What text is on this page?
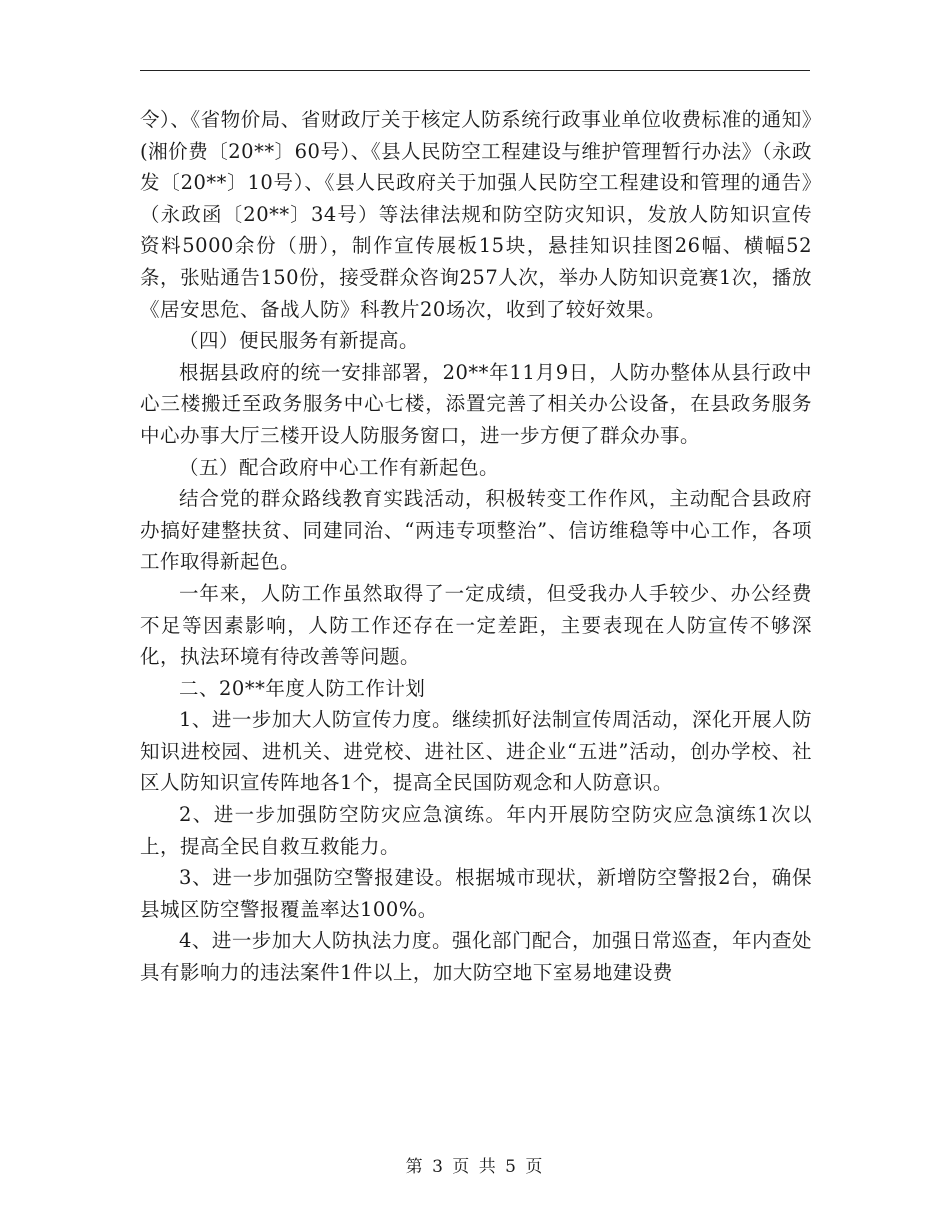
令）、《省物价局、省财政厅关于核定人防系统行政事业单位收费标准的通知》(湘价费〔20**〕60号）、《县人民防空工程建设与维护管理暂行办法》（永政发〔20**〕10号）、《县人民政府关于加强人民防空工程建设和管理的通告》（永政函〔20**〕34号）等法律法规和防空防灾知识，发放人防知识宣传资料5000余份（册），制作宣传展板15块，悬挂知识挂图26幅、横幅52条，张贴通告150份，接受群众咨询257人次，举办人防知识竞赛1次，播放《居安思危、备战人防》科教片20场次，收到了较好效果。

（四）便民服务有新提高。

根据县政府的统一安排部署，20**年11月9日，人防办整体从县行政中心三楼搬迁至政务服务中心七楼，添置完善了相关办公设备，在县政务服务中心办事大厅三楼开设人防服务窗口，进一步方便了群众办事。

（五）配合政府中心工作有新起色。

结合党的群众路线教育实践活动，积极转变工作作风，主动配合县政府办搞好建整扶贫、同建同治、“两违专项整治”、信访维稳等中心工作，各项工作取得新起色。

一年来，人防工作虽然取得了一定成绩，但受我办人手较少、办公经费不足等因素影响，人防工作还存在一定差距，主要表现在人防宣传不够深化，执法环境有待改善等问题。

二、20**年度人防工作计划

1、进一步加大人防宣传力度。继续抓好法制宣传周活动，深化开展人防知识进校园、进机关、进党校、进社区、进企业“五进”活动，创办学校、社区人防知识宣传阵地各1个，提高全民国防观念和人防意识。

2、进一步加强防空防灾应急演练。年内开展防空防灾应急演练1次以上，提高全民自救互救能力。

3、进一步加强防空警报建设。根据城市现状，新增防空警报2台，确保县城区防空警报覆盖率达100%。

4、进一步加大人防执法力度。强化部门配合，加强日常巡查，年内查处具有影响力的违法案件1件以上，加大防空地下室易地建设费

第 3 页 共 5 页
